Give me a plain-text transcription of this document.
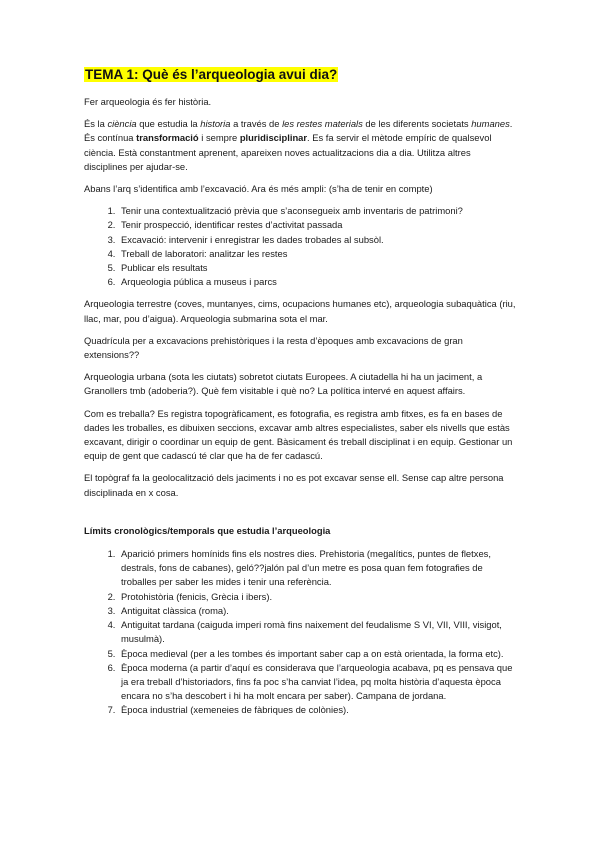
TEMA 1: Què és l’arqueologia avui dia?

Fer arqueologia és fer història.

És la ciència que estudia la historia a través de les restes materials de les diferents societats humanes. És contínua transformació i sempre pluridisciplinar. Es fa servir el mètode empíric de qualsevol ciència. Està constantment aprenent, apareixen noves actualitzacions dia a dia. Utilitza altres disciplines per ajudar-se.

Abans l’arq s’identifica amb l’excavació. Ara és més ampli: (s’ha de tenir en compte)

1. Tenir una contextualització prèvia que s’aconsegueix amb inventaris de patrimoni?
2. Tenir prospecció, identificar restes d’activitat passada
3. Excavació: intervenir i enregistrar les dades trobades al subsòl.
4. Treball de laboratori: analitzar les restes
5. Publicar els resultats
6. Arqueologia pública a museus i parcs

Arqueologia terrestre (coves, muntanyes, cims, ocupacions humanes etc), arqueologia subaquàtica (riu, llac, mar, pou d’aigua). Arqueologia submarina sota el mar.

Quadrícula per a excavacions prehistòriques i la resta d’èpoques amb excavacions de gran extensions??

Arqueologia urbana (sota les ciutats) sobretot ciutats Europees. A ciutadella hi ha un jaciment, a Granollers tmb (adoberia?). Què fem visitable i què no? La política intervé en aquest affairs.

Com es treballa? Es registra topogràficament, es fotografia, es registra amb fitxes, es fa en bases de dades les troballes, es dibuixen seccions, excavar amb altres especialistes, saber els nivells que estàs excavant, dirigir o coordinar un equip de gent. Bàsicament és treball disciplinat i en equip. Gestionar un equip de gent que cadascú té clar que ha de fer cadascú.

El topògraf fa la geolocalització dels jaciments i no es pot excavar sense ell. Sense cap altre persona disciplinada en x cosa.

Límits cronològics/temporals que estudia l’arqueologia

1. Aparició primers homínids fins els nostres dies. Prehistoria (megalítics, puntes de fletxes, destrals, fons de cabanes), geló??jalón pal d’un metre es posa quan fem fotografies de troballes per saber les mides i tenir una referència.
2. Protohistòria (fenicis, Grècia i ibers).
3. Antiguitat clàssica (roma).
4. Antiguitat tardana (caiguda imperi romà fins naixement del feudalisme S VI, VII, VIII, visigot, musulmà).
5. Època medieval (per a les tombes és important saber cap a on està orientada, la forma etc).
6. Època moderna (a partir d’aquí es considerava que l’arqueologia acabava, pq es pensava que ja era treball d’historiadors, fins fa poc s’ha canviat l’idea, pq molta història d’aquesta època encara no s’ha descobert i hi ha molt encara per saber). Campana de jordana.
7. Època industrial (xemeneies de fàbriques de colònies).
